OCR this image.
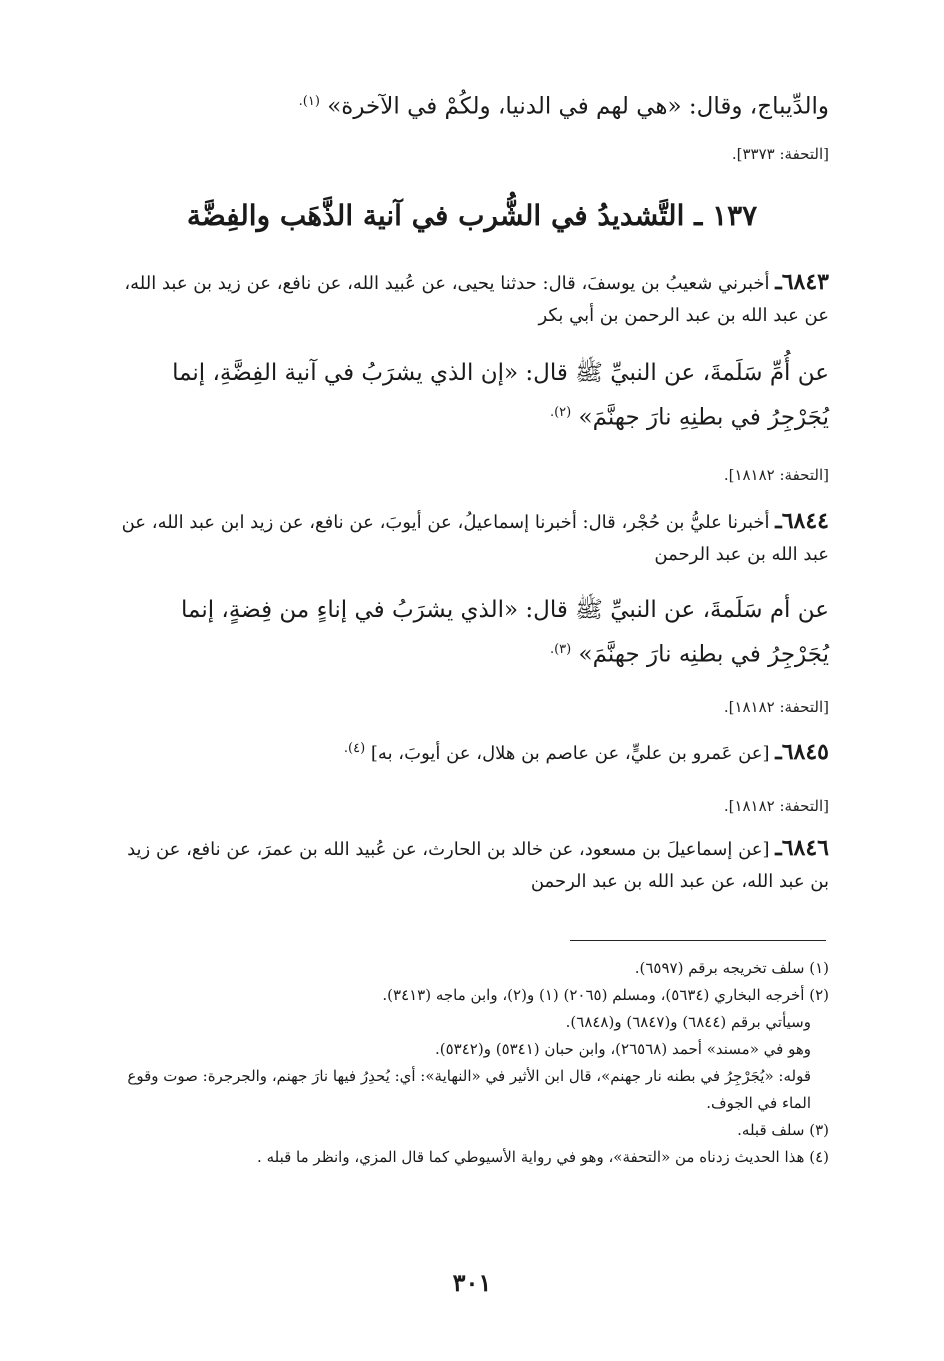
والدِّيباج، وقال: «هي لهم في الدنيا، ولكُمْ في الآخرة» $^{(١).}$

[التحفة: ٣٣٧٣].
١٣٧ ـ التَّشديدُ في الشُّرب في آنية الذَّهَب والفِضَّة

٦٨٤٣ـ أخبرني شعيبُ بن يوسفَ، قال: حدثنا يحيى، عن عُبيد الله، عن نافع، عن زيد بن عبد الله، عن عبد الله بن عبد الرحمن بن أبي بكر

عن أُمِّ سَلَمةَ، عن النبيِّ ﷺ قال: «إن الذي يشرَبُ في آنية الفِضَّةِ، إنما يُجَرْجِرُ في بطنِهِ نارَ جهنَّمَ» $^{(٢).}$

[التحفة: ١٨١٨٢].

٦٨٤٤ـ أخبرنا عليُّ بن حُجْر، قال: أخبرنا إسماعيلُ، عن أيوبَ، عن نافع، عن زيد ابن عبد الله، عن عبد الله بن عبد الرحمن

عن أم سَلَمةَ، عن النبيِّ ﷺ قال: «الذي يشرَبُ في إناءٍ من فِضةٍ، إنما يُجَرْجِرُ في بطنِه نارَ جهنَّمَ» $^{(٣).}$

[التحفة: ١٨١٨٢].

٦٨٤٥ـ [عن عَمرو بن عليٍّ، عن عاصم بن هلال، عن أيوبَ، به] $^{(٤).}$

[التحفة: ١٨١٨٢].

٦٨٤٦ـ [عن إسماعيلَ بن مسعود، عن خالد بن الحارث، عن عُبيد الله بن عمرَ، عن نافع، عن زيد بن عبد الله، عن عبد الله بن عبد الرحمن

(١) سلف تخريجه برقم (٦٥٩٧).

(٢) أخرجه البخاري (٥٦٣٤)، ومسلم (٢٠٦٥) (١) و(٢)، وابن ماجه (٣٤١٣).

وسيأتي برقم (٦٨٤٤) و(٦٨٤٧) و(٦٨٤٨).

وهو في «مسند» أحمد (٢٦٥٦٨)، وابن حبان (٥٣٤١) و(٥٣٤٢).

قوله: «يُجَرْجِرُ في بطنه نار جهنم»، قال ابن الأثير في «النهاية»: أي: يُحدِرُ فيها نارَ جهنم، والجرجرة: صوت وقوع الماء في الجوف.

(٣) سلف قبله.

(٤) هذا الحديث زدناه من «التحفة»، وهو في رواية الأسيوطي كما قال المزي، وانظر ما قبله .

٣٠١
